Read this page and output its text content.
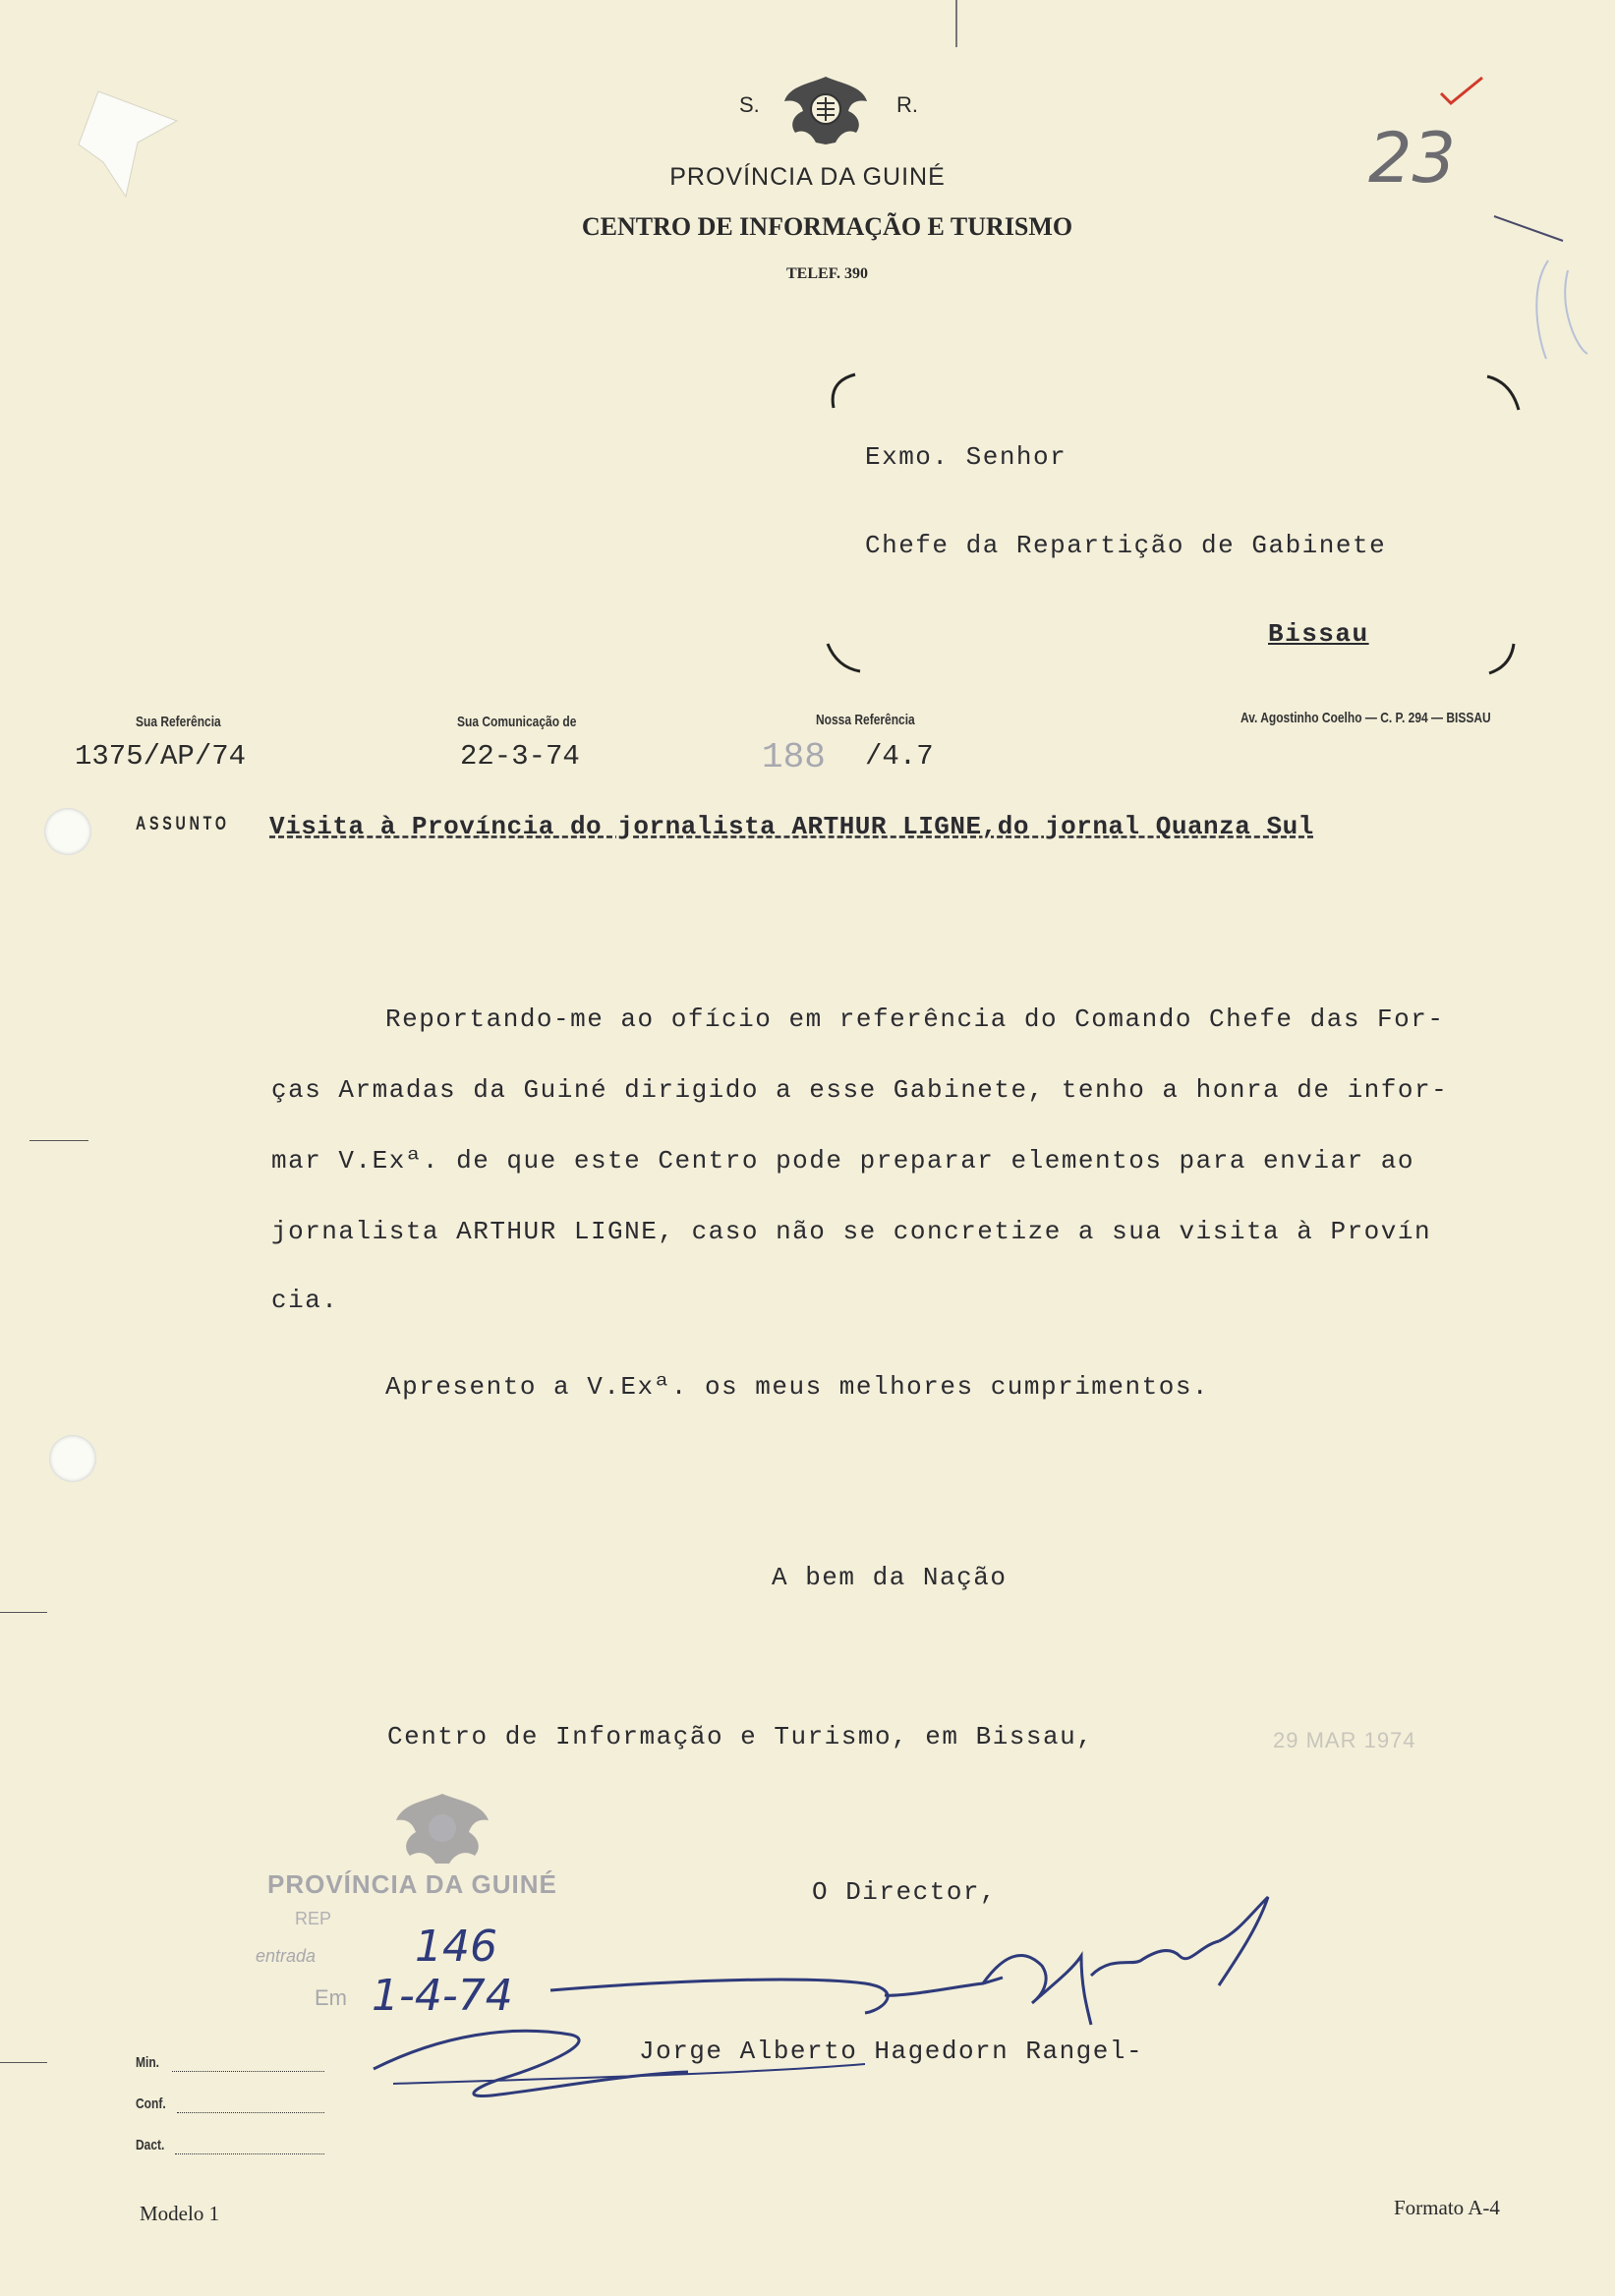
S.	R.
PROVÍNCIA DA GUINÉ
CENTRO DE INFORMAÇÃO E TURISMO
TELEF. 390
23
Exmo. Senhor
Chefe da Repartição de Gabinete
Bissau
Sua Referência	Sua Comunicação de	Nossa Referência	Av. Agostinho Coelho — C. P. 294 — BISSAU
1375/AP/74	22-3-74	188 /4.7
ASSUNTO Visita à Província do jornalista ARTHUR LIGNE,do jornal Quanza Sul
Reportando-me ao ofício em referência do Comando Chefe das For-
ças Armadas da Guiné dirigido a esse Gabinete, tenho a honra de infor-
mar V.Exª. de que este Centro pode preparar elementos para enviar ao
jornalista ARTHUR LIGNE, caso não se concretize a sua visita à Provín
cia.
Apresento a V.Exª. os meus melhores cumprimentos.
A bem da Nação
Centro de Informação e Turismo, em Bissau,	29 MAR 1974
PROVÍNCIA DA GUINÉ
REP
entrada
Em
146
1-4-74
O Director,
Jorge Alberto Hagedorn Rangel-
Min.
Conf.
Dact.
Modelo 1	Formato A-4
